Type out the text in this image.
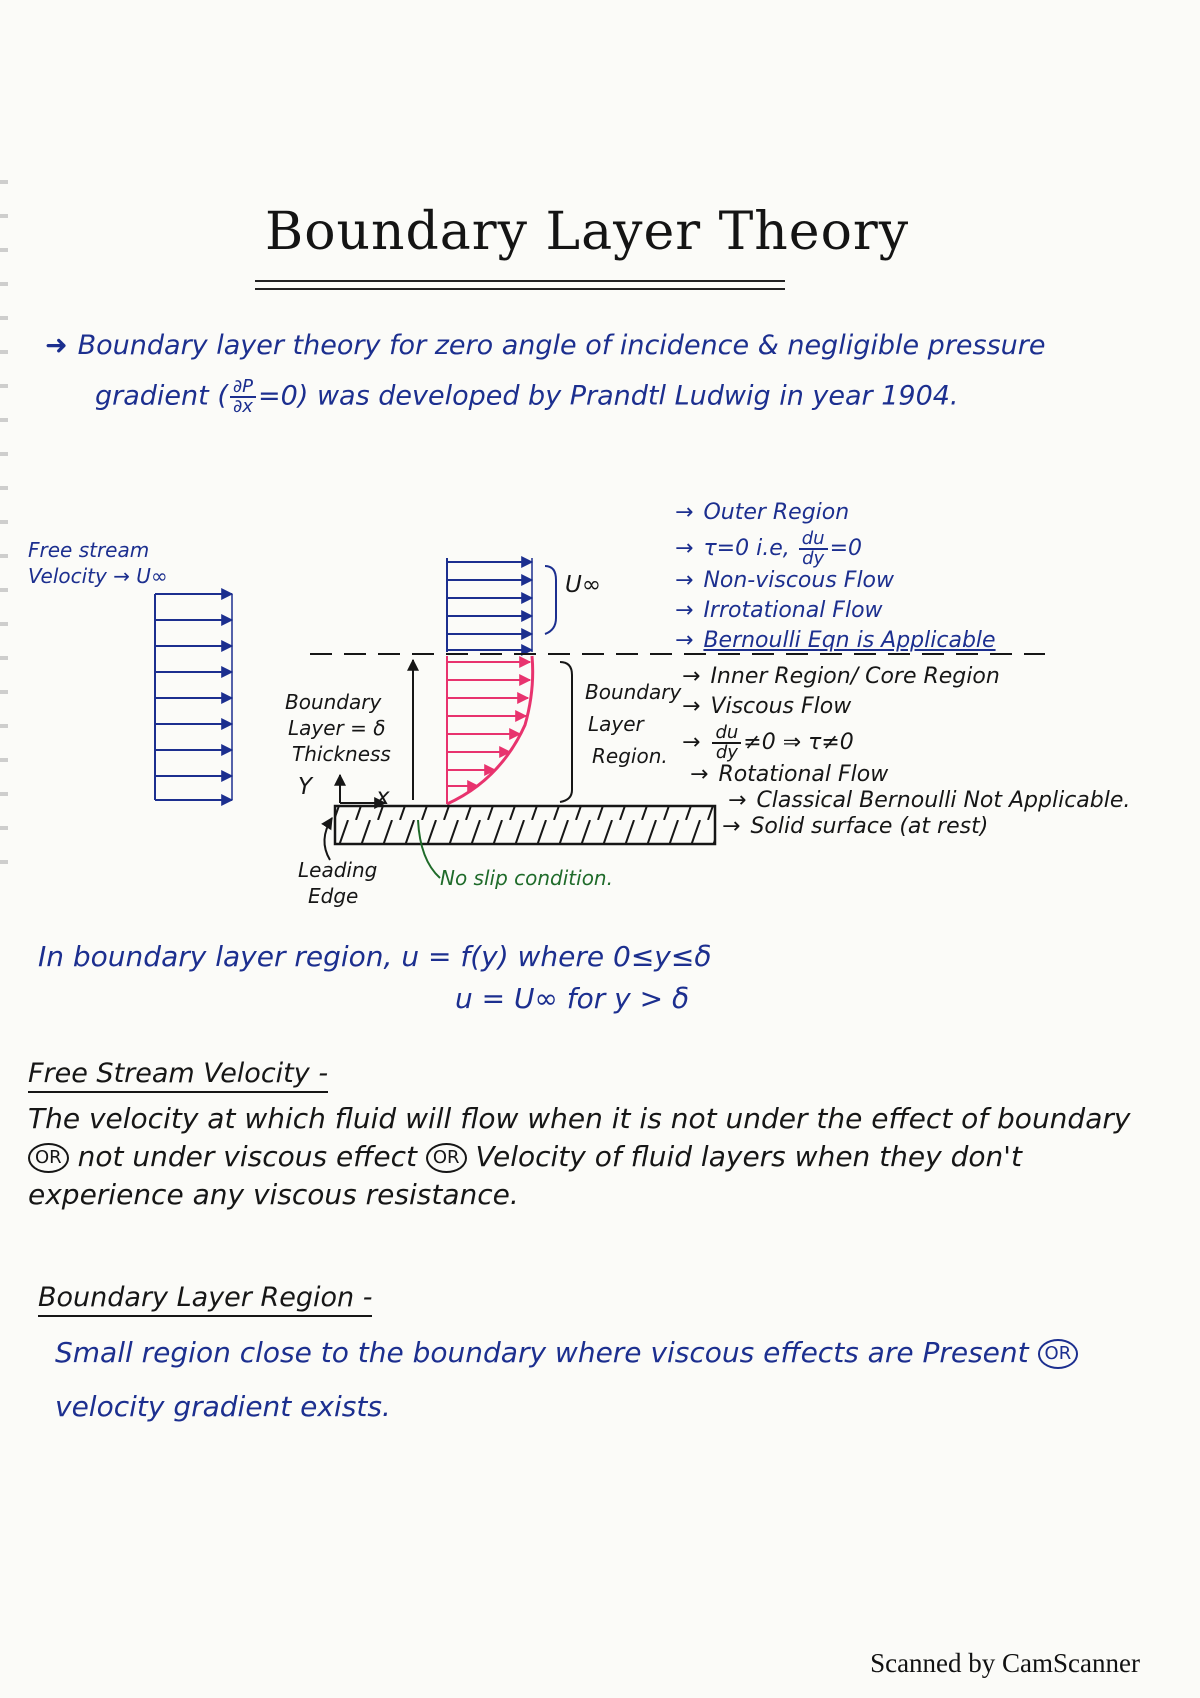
Boundary Layer Theory
➜ Boundary layer theory for zero angle of incidence & negligible pressure
gradient ( $\frac{\partial P}{\partial x} =0$) was developed by Prandtl Ludwig in year 1904.
Free stream
Velocity → U∞	U∞
Boundary
Layer = δ
Thickness
Boundary
Layer
Region.
Y	x
Leading
Edge
No slip condition.
→ Outer Region
→ τ=0 i.e, $\frac{du}{dy} =0$
→ Non-viscous Flow
→ Irrotational Flow
→ Bernoulli Eqn is Applicable
→ Inner Region/ Core Region
→ Viscous Flow
→ $\frac{du}{dy} \ne 0$ ⇒ τ≠0
→ Rotational Flow
→ Classical Bernoulli Not Applicable.
→ Solid surface (at rest)
In boundary layer region, u = f(y) where 0≤y≤δ
u = U∞ for y > δ
Free Stream Velocity -
The velocity at which fluid will flow when it is not under the effect of boundary OR not under viscous effect OR Velocity of fluid layers when they don't experience any viscous resistance.
Boundary Layer Region -
Small region close to the boundary where viscous effects are Present OR velocity gradient exists.
Scanned by CamScanner
